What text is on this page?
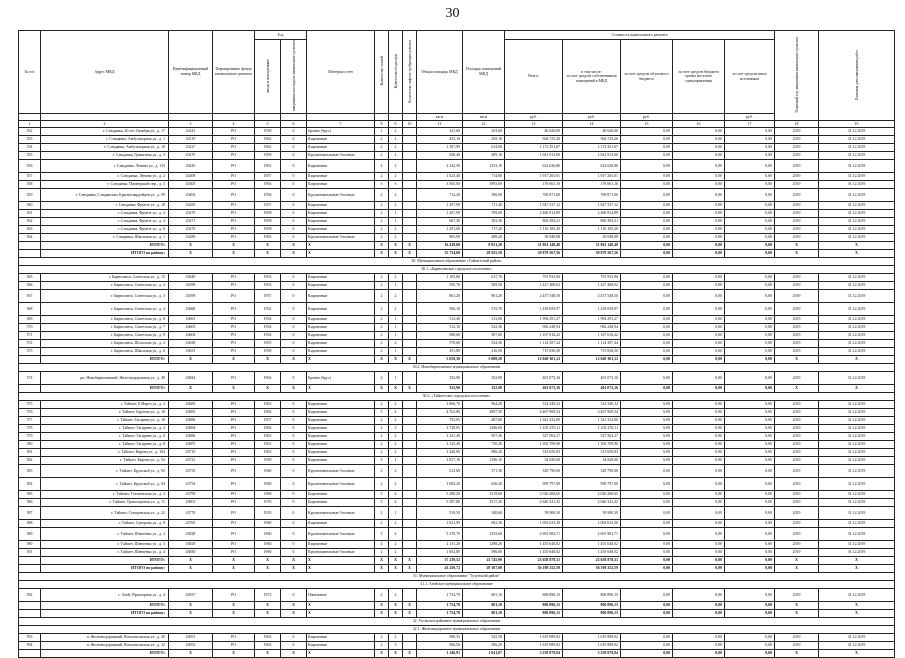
30
№ п/п	Адрес МКД	Идентификационный номер МКД	Формирование фонда капитального ремонта	Год		Материал стен	Количество этажей	Количество подъездов	Количество лифтов, требующих ремонта	Общая площадь МКД	Площадь помещений МКД	Стоимость капитального ремонта					Плановый год завершения капитального ремонта	Плановая дата завершения работ
				ввода в эксплуатацию	завершения последнего капитального ремонта							Всего:	в том числе:
за счет средств собственников помещений в МКД	за счет средств областного бюджета	за счет средств бюджета органа местного самоуправления	за счет средств иных источников		
										кв.м	кв.м	руб.	руб.	руб.		руб.		
1	2	3	4	5	6	7	8	9	10	11	12	13	14	15	16	17	18	19
552	г. Слюдянка, 40 лет Октября ул., д. 17	43241	РО	1939	0	Бревно (брус)	1	2		341,60	253,60	40 626,00	40 626,00	0,00	0,00	0,00	2019	31.12.2019
553	г. Слюдянка, Амбулаторная ул., д. 1	43119	РО	1962	0	Кирпичные	2	1		452,10	259,10	564 725,26	564 725,26	0,00	0,00	0,00	2019	31.12.2019
554	г. Слюдянка, Амбулаторная ул., д. 10	43227	РО	1962	0	Кирпичные	2	2		1 107,90	614,00	1 172 451,67	1 172 451,67	0,00	0,00	0,00	2019	31.12.2019
555	г. Слюдянка, Гранитная ул., д. 3	43270	РО	1959	0	Крупнопанельные/ блочные	2	1		920,40	495,10	1 041 913,00	1 041 913,00	0,00	0,00	0,00	2019	31.12.2019
556	г. Слюдянка, Ленина ул., д. 115	43445	РО	1961	0	Кирпичные	4	2		2 242,50	1233,10	622 636,86	622 636,86	0,00	0,00	0,00	2019	31.12.2019
557	г. Слюдянка, Ленина ул., д. 2	43409	РО	1957	0	Кирпичные	2	2		1 023,40	714,80	1 917 265,01	1 917 265,01	0,00	0,00	0,00	2019	31.12.2019
558	г. Слюдянка, Пионерский пер., д. 3	43305	РО	1963	0	Кирпичные	3	3		3 565,00	1993,60	176 661,16	176 661,16	0,00	0,00	0,00	2019	31.12.2019
559	г. Слюдянка, Слюдянских Красногвардейцев ул., д. 59	43492	РО	1956	0	Крупнопанельные/ блочные	2	2		712,20	396,00	769 871,00	769 871,00	0,00	0,00	0,00	2019	31.12.2019
560	г. Слюдянка, Фрунзе ул., д. 18	43283	РО	1957	0	Кирпичные	2	2		1 297,90	711,40	1 047 537,12	1 047 537,12	0,00	0,00	0,00	2019	31.12.2019
561	г. Слюдянка, Фрунзе ул., д. 2	43270	РО	1958	0	Кирпичные	2	1		1 267,90	709,00	2 466 914,89	2 466 914,89	0,00	0,00	0,00	2019	31.12.2019
562	г. Слюдянка, Фрунзе ул., д. 4	43271	РО	1958	0	Кирпичные	2	1		667,30	392,30	865 494,31	865 494,31	0,00	0,00	0,00	2019	31.12.2019
563	г. Слюдянка, Фрунзе ул., д. 6	43276	РО	1958	0	Кирпичные	2	2		1 291,00	717,20	1 116 185,20	1 116 185,20	0,00	0,00	0,00	2019	31.12.2019
564	г. Слюдянка, Школьная ул., д. 1	43280	РО	1965	0	Крупнопанельные/ блочные	2	2		905,90	498,20	39 048,08	39 048,08	0,00	0,00	0,00	2019	31.12.2019
	ИТОГО:	X	X	X	X	X	X	X	X	16 418,00	8 921,20	11 861 148,48	11 861 148,48	0,00	0,00	0,00	X	X
	ИТОГО по району:	X	X	X	X	X	X	X	X	35 734,00	20 925,50	39 879 567,56	39 879 567,56	0,00	0,00	0,00	X	X
30. Муниципальное образование «Тайшетский район»																		
30.1. «Бирюсинское городское поселение»																		
565	г. Бирюсинск, Советская ул., д. 15	43649	РО	1953	0	Кирпичные	2	2		1 105,80	617,70	791 933,96	791 933,96	0,00	0,00	0,00	2019	31.12.2019
566	г. Бирюсинск, Советская ул., д. 2	42598	РО	1953	0	Кирпичные	2	1		550,70	509,50	1 427 408,02	1 427 408,02	0,00	0,00	0,00	2019	31.12.2019
567	г. Бирюсинск, Советская ул., д. 3	43599	РО	1957	0	Кирпичные	2	2		861,20	861,20	2 437 548,50	2 437 548,50	0,00	0,00	0,00	2019	31.12.2019
568	г. Бирюсинск, Советская ул., д. 4	43660	РО	1954	0	Кирпичные	2	2		566,10	515,70	1 418 659,97	1 418 659,97	0,00	0,00	0,00	2019	31.12.2019
569	г. Бирюсинск, Советская ул., д. 6	43661	РО	1954	0	Кирпичные	2	1		513,40	513,00	1 994 291,27	1 994 291,27	0,00	0,00	0,00	2019	31.12.2019
570	г. Бирюсинск, Советская ул., д. 7	43603	РО	1954	0	Кирпичные	2	1		512,10	522,30	982 248,94	982 248,94	0,00	0,00	0,00	2019	31.12.2019
571	г. Бирюсинск, Советская ул., д. 9	43604	РО	1954	0	Кирпичные	2	1		508,60	507,60	1 167 616,22	1 167 616,22	0,00	0,00	0,00	2019	31.12.2019
572	г. Бирюсинск, Шолохова ул., д. 2	43629	РО	1955	0	Кирпичные	2	2		578,60	524,30	1 114 297,44	1 114 297,44	0,00	0,00	0,00	2019	31.12.2019
573	г. Бирюсинск, Школьная ул., д. 6	43631	РО	1958	0	Кирпичные	2	1		451,80	416,50	715 836,50	715 836,50	0,00	0,00	0,00	2019	31.12.2019
	ИТОГО:	X	X	X	X	X	X	X	X	5 658,30	5 008,20	12 049 301,12	12 049 301,12	0,00	0,00	0,00	X	X
30.2. Новобирюсинское муниципальное образование																		
574	рп. Новобирюсинский, Железнодорожная ул., д. 48	43844	РО	1964	0	Бревно (брус)	2	1		352,90	352,90	401 073,16	401 073,16	0,00	0,00	0,00	2019	31.12.2019
	ИТОГО:	X	X	X	X	X	X	X	X	352,90	352,90	401 073,16	401 073,16	0,00	0,00	0,00	X	X
30.3. «Тайшетское городское поселение»																		
575	г. Тайшет, 8 Марта ул., д. 3	43683	РО	1963	0	Кирпичные	2	2		1 066,70	964,20	314 340,32	314 340,32	0,00	0,00	0,00	2019	31.12.2019
576	г. Тайшет, Бурлова ул., д. 10	43695	РО	1964	0	Кирпичные	5	4		4 763,80	2897,50	4 467 969,54	4 467 969,54	0,00	0,00	0,00	2019	31.12.2019
577	г. Тайшет, Гагарина ул., д. 10	43696	РО	1957	0	Кирпичные	2	2		753,05	487,80	1 341 332,00	1 341 332,00	0,00	0,00	0,00	2019	31.12.2019
578	г. Тайшет, Гагарина ул., д. 2	43694	РО	1964	0	Кирпичные	4	3		1 728,05	1286,60	1 103 270,11	1 103 270,11	0,00	0,00	0,00	2019	31.12.2019
579	г. Тайшет, Гагарина ул., д. 6	43696	РО	1963	0	Кирпичные	4	2		1 341,40	957,30	327 563,27	327 563,27	0,00	0,00	0,00	2019	31.12.2019
580	г. Тайшет, Гагарина ул., д. 8	43697	РО	1961	0	Кирпичные	2	2		1 125,40	730,20	1 392 709,90	1 392 709,90	0,00	0,00	0,00	2019	31.12.2019
581	г. Тайшет, Кирова ул., д. 104	43719	РО	1963	0	Кирпичные	2	2		1 440,00	986,20	313 650,83	313 650,83	0,00	0,00	0,00	2019	31.12.2019
582	г. Тайшет, Кирова ул., д. 92	43723	РО	1959	0	Кирпичные	3	1		1 657,10	1196,10	34 820,00	34 820,00	0,00	0,00	0,00	2019	31.12.2019
583	г. Тайшет, Крупской ул., д. 92	43733	РО	1960	0	Крупнопанельные/ блочные	2	2		613,60	371,30	329 790,00	329 790,00	0,00	0,00	0,00	2019	31.12.2019
584	г. Тайшет, Крупской ул., д. 94	43734	РО	1960	0	Крупнопанельные/ блочные	2	2		1 082,20	636,20	909 797,09	909 797,09	0,00	0,00	0,00	2019	31.12.2019
585	г. Тайшет, Техническая ул., д. 2	43799	РО	1968	0	Кирпичные	5	4		5 288,20	3319,60	2 026 268,65	2 026 268,65	0,00	0,00	0,00	2019	31.12.2019
586	г. Тайшет, Транспортная ул., д. 11	43801	РО	1976	0	Кирпичные	5	4		5 587,80	3517,20	2 640 341,42	2 640 341,42	0,00	0,00	0,00	2019	31.12.2019
587	г. Тайшет, Суворовская ул., д. 22	43776	РО	1935	0	Крупнопанельные/ блочные	2	1		519,50	340,60	59 900,30	59 900,30	0,00	0,00	0,00	2019	31.12.2019
588	г. Тайшет, Суворова ул., д. 8	43765	РО	1960	0	Кирпичные	2	2		1 021,90	682,30	1 092 633,30	1 092 633,30	0,00	0,00	0,00	2019	31.12.2019
589	г. Тайшет, Шевченко ул., д. 2	43828	РО	1960	0	Крупнопанельные/ блочные	5	4		5 278,70	3355,60	2 691 983,71	2 691 983,71	0,00	0,00	0,00	2019	31.12.2019
590	г. Тайшет, Шевченко ул., д. 3	43829	РО	1960	0	Кирпичные	4	2		2 131,20	1298,20	1 455 648,02	1 455 648,02	0,00	0,00	0,00	2019	31.12.2019
591	г. Тайшет, Шевченко ул., д. 4	43830	РО	1960	0	Крупнопанельные/ блочные	2	2		1 002,80	596,00	1 455 648,02	1 455 648,02	0,00	0,00	0,00	2019	31.12.2019
	ИТОГО:	X	X	X	X	X	X	X	X	37 239,52	23 745,90	23 658 878,31	23 658 878,31	0,00	0,00	0,00	X	X
	ИТОГО по району:	X	X	X	X	X	X	X	X	43 250,72	29 107,00	36 109 252,59	36 109 252,59	0,00	0,00	0,00	X	X
31. Муниципальное образование "Тулунский район"																		
31.1. Азейское муниципальное образование																		
592	с. Азей, Приозерная ул., д. 4	43937	РО	1972	0	Панельные	2	2		1 754,70	601,10	806 896,15	806 896,15	0,00	0,00	0,00	2019	31.12.2019
	ИТОГО:	X	X	X	X	X	X	X	X	1 754,70	601,10	806 896,15	806 896,15	0,00	0,00	0,00	X	X
	ИТОГО по району:	X	X	X	X	X	X	X	X	1 754,70	601,10	806 896,15	806 896,15	0,00	0,00	0,00	X	X
32. Усольское районное муниципальное образование																		
32.1. Железнодорожное муниципальное образование																		
593	п. Железнодорожный, Комсомольская ул., д. 30	43951	РО	1963	0	Кирпичные	2	2		580,35	525,58	1 619 989,92	1 619 989,92	0,00	0,00	0,00	2019	31.12.2019
594	п. Железнодорожный, Комсомольская ул., д. 32	43952	РО	1963	0	Кирпичные	2	3		566,56	506,29	1 619 989,92	1 619 989,92	0,00	0,00	0,00	2019	31.12.2019
	ИТОГО:	X	X	X	X	X	X	X	X	1 146,91	1 041,07	3 239 979,84	3 239 979,84	0,00	0,00	0,00	X	X
